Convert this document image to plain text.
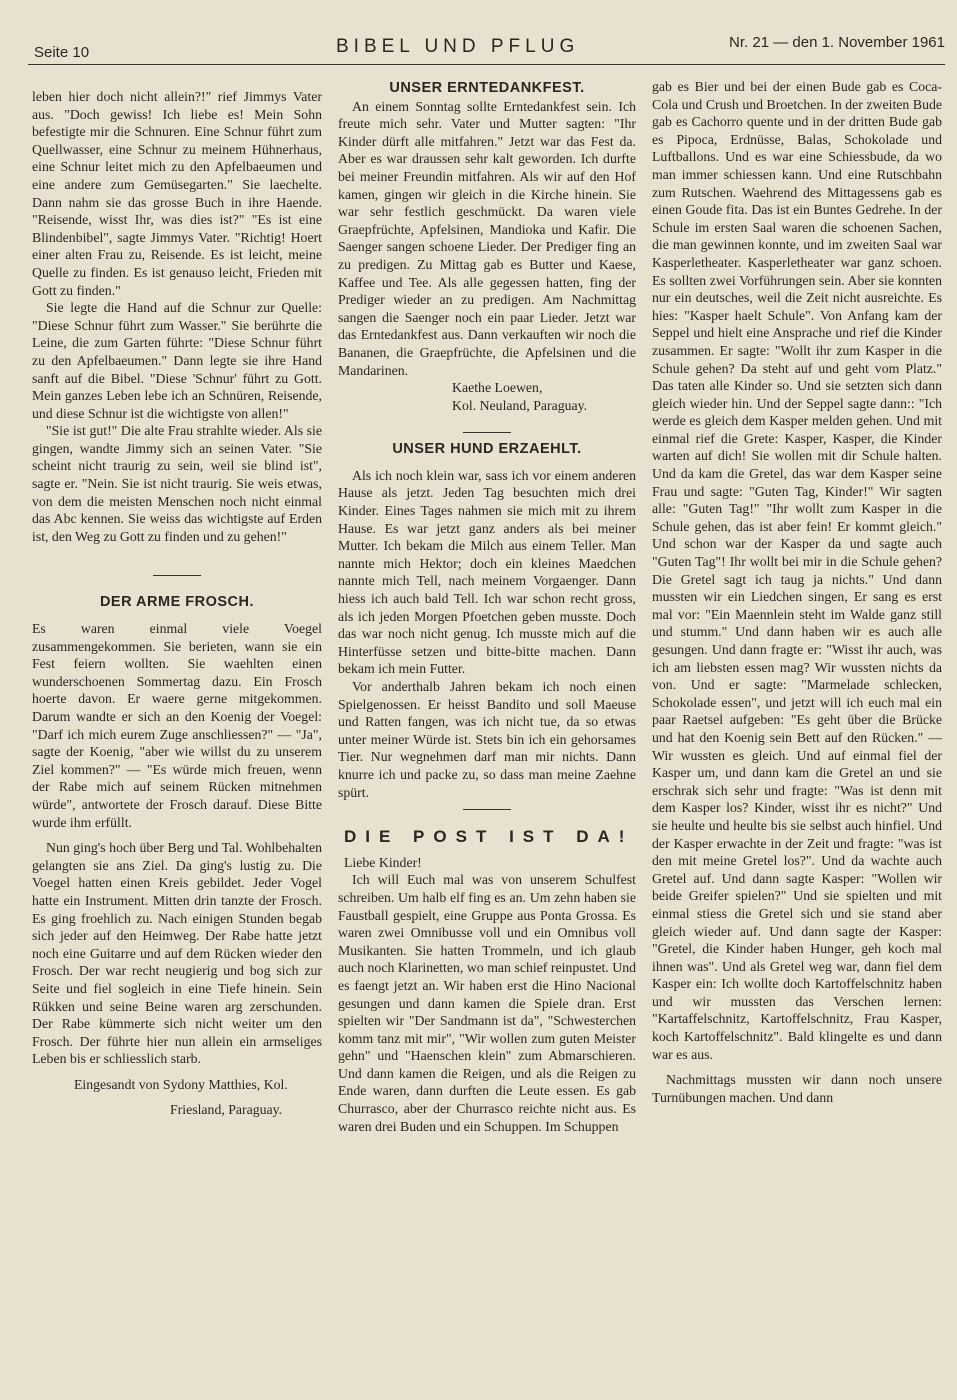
Seite 10	BIBEL UND PFLUG	Nr. 21 — den 1. November 1961

leben hier doch nicht allein?!" rief Jimmys Vater aus. "Doch gewiss! Ich liebe es! Mein Sohn befestigte mir die Schnuren. Eine Schnur führt zum Quellwasser, eine Schnur zu meinem Hühnerhaus, eine Schnur leitet mich zu den Apfelbaeumen und eine andere zum Gemüsegarten." Sie laechelte. Dann nahm sie das grosse Buch in ihre Haende. "Reisende, wisst Ihr, was dies ist?" "Es ist eine Blindenbibel", sagte Jimmys Vater. "Richtig! Hoert einer alten Frau zu, Reisende. Es ist leicht, meine Quelle zu finden. Es ist genauso leicht, Frieden mit Gott zu finden."

Sie legte die Hand auf die Schnur zur Quelle: "Diese Schnur führt zum Wasser." Sie berührte die Leine, die zum Garten führte: "Diese Schnur führt zu den Apfelbaeumen." Dann legte sie ihre Hand sanft auf die Bibel. "Diese 'Schnur' führt zu Gott. Mein ganzes Leben lebe ich an Schnüren, Reisende, und diese Schnur ist die wichtigste von allen!"

"Sie ist gut!" Die alte Frau strahlte wieder. Als sie gingen, wandte Jimmy sich an seinen Vater. "Sie scheint nicht traurig zu sein, weil sie blind ist", sagte er. "Nein. Sie ist nicht traurig. Sie weis etwas, von dem die meisten Menschen noch nicht einmal das Abc kennen. Sie weiss das wichtigste auf Erden ist, den Weg zu Gott zu finden und zu gehen!"

DER ARME FROSCH.

Es waren einmal viele Voegel zusammengekommen. Sie berieten, wann sie ein Fest feiern wollten. Sie waehlten einen wunderschoenen Sommertag dazu. Ein Frosch hoerte davon. Er waere gerne mitgekommen. Darum wandte er sich an den Koenig der Voegel: "Darf ich mich eurem Zuge anschliessen?" — "Ja", sagte der Koenig, "aber wie willst du zu unserem Ziel kommen?" — "Es würde mich freuen, wenn der Rabe mich auf seinem Rücken mitnehmen würde", antwortete der Frosch darauf. Diese Bitte wurde ihm erfüllt.

Nun ging's hoch über Berg und Tal. Wohlbehalten gelangten sie ans Ziel. Da ging's lustig zu. Die Voegel hatten einen Kreis gebildet. Jeder Vogel hatte ein Instrument. Mitten drin tanzte der Frosch. Es ging froehlich zu. Nach einigen Stunden begab sich jeder auf den Heimweg. Der Rabe hatte jetzt noch eine Guitarre und auf dem Rücken wieder den Frosch. Der war recht neugierig und bog sich zur Seite und fiel sogleich in eine Tiefe hinein. Sein Rükken und seine Beine waren arg zerschunden. Der Rabe kümmerte sich nicht weiter um den Frosch. Der führte hier nun allein ein armseliges Leben bis er schliesslich starb.

Eingesandt von Sydony Matthies, Kol.

Friesland, Paraguay.

UNSER ERNTEDANKFEST.

An einem Sonntag sollte Erntedankfest sein. Ich freute mich sehr. Vater und Mutter sagten: "Ihr Kinder dürft alle mitfahren." Jetzt war das Fest da. Aber es war draussen sehr kalt geworden. Ich durfte bei meiner Freundin mitfahren. Als wir auf den Hof kamen, gingen wir gleich in die Kirche hinein. Sie war sehr festlich geschmückt. Da waren viele Graepfrüchte, Apfelsinen, Mandioka und Kafir. Die Saenger sangen schoene Lieder. Der Prediger fing an zu predigen. Zu Mittag gab es Butter und Kaese, Kaffee und Tee. Als alle gegessen hatten, fing der Prediger wieder an zu predigen. Am Nachmittag sangen die Saenger noch ein paar Lieder. Jetzt war das Erntedankfest aus. Dann verkauften wir noch die Bananen, die Graepfrüchte, die Apfelsinen und die Mandarinen.

Kaethe Loewen,

Kol. Neuland, Paraguay.

UNSER HUND ERZAEHLT.

Als ich noch klein war, sass ich vor einem anderen Hause als jetzt. Jeden Tag besuchten mich drei Kinder. Eines Tages nahmen sie mich mit zu ihrem Hause. Es war jetzt ganz anders als bei meiner Mutter. Ich bekam die Milch aus einem Teller. Man nannte mich Hektor; doch ein kleines Maedchen nannte mich Tell, nach meinem Vorgaenger. Dann hiess ich auch bald Tell. Ich war schon recht gross, als ich jeden Morgen Pfoetchen geben musste. Doch das war noch nicht genug. Ich musste mich auf die Hinterfüsse setzen und bitte-bitte machen. Dann bekam ich mein Futter.

Vor anderthalb Jahren bekam ich noch einen Spielgenossen. Er heisst Bandito und soll Maeuse und Ratten fangen, was ich nicht tue, da so etwas unter meiner Würde ist. Stets bin ich ein gehorsames Tier. Nur wegnehmen darf man mir nichts. Dann knurre ich und packe zu, so dass man meine Zaehne spürt.

DIE POST IST DA!

Liebe Kinder!

Ich will Euch mal was von unserem Schulfest schreiben. Um halb elf fing es an. Um zehn haben sie Faustball gespielt, eine Gruppe aus Ponta Grossa. Es waren zwei Omnibusse voll und ein Omnibus voll Musikanten. Sie hatten Trommeln, und ich glaub auch noch Klarinetten, wo man schief reinpustet. Und es faengt jetzt an. Wir haben erst die Hino Nacional gesungen und dann kamen die Spiele dran. Erst spielten wir "Der Sandmann ist da", "Schwesterchen komm tanz mit mir", "Wir wollen zum guten Meister gehn" und "Haenschen klein" zum Abmarschieren. Und dann kamen die Reigen, und als die Reigen zu Ende waren, dann durften die Leute essen. Es gab Churrasco, aber der Churrasco reichte nicht aus. Es waren drei Buden und ein Schuppen. Im Schuppen

gab es Bier und bei der einen Bude gab es Coca-Cola und Crush und Broetchen. In der zweiten Bude gab es Cachorro quente und in der dritten Bude gab es Pipoca, Erdnüsse, Balas, Schokolade und Luftballons. Und es war eine Schiessbude, da wo man immer schiessen kann. Und eine Rutschbahn zum Rutschen. Waehrend des Mittagessens gab es einen Goude fita. Das ist ein Buntes Gedrehe. In der Schule im ersten Saal waren die schoenen Sachen, die man gewinnen konnte, und im zweiten Saal war Kasperletheater. Kasperletheater war ganz schoen. Es sollten zwei Vorführungen sein. Aber sie konnten nur ein deutsches, weil die Zeit nicht ausreichte. Es hies: "Kasper haelt Schule". Von Anfang kam der Seppel und hielt eine Ansprache und rief die Kinder zusammen. Er sagte: "Wollt ihr zum Kasper in die Schule gehen? Da steht auf und geht vom Platz." Das taten alle Kinder so. Und sie setzten sich dann gleich wieder hin. Und der Seppel sagte dann:: "Ich werde es gleich dem Kasper melden gehen. Und mit einmal rief die Grete: Kasper, Kasper, die Kinder warten auf dich! Sie wollen mit dir Schule halten. Und da kam die Gretel, das war dem Kasper seine Frau und sagte: "Guten Tag, Kinder!" Wir sagten alle: "Guten Tag!" "Ihr wollt zum Kasper in die Schule gehen, das ist aber fein! Er kommt gleich." Und schon war der Kasper da und sagte auch "Guten Tag"! Ihr wollt bei mir in die Schule gehen? Die Gretel sagt ich taug ja nichts." Und dann mussten wir ein Liedchen singen, Er sang es erst mal vor: "Ein Maennlein steht im Walde ganz still und stumm." Und dann haben wir es auch alle gesungen. Und dann fragte er: "Wisst ihr auch, was ich am liebsten essen mag? Wir wussten nichts da von. Und er sagte: "Marmelade schlecken, Schokolade essen", und jetzt will ich euch mal ein paar Raetsel aufgeben: "Es geht über die Brücke und hat den Koenig sein Bett auf den Rücken." — Wir wussten es gleich. Und auf einmal fiel der Kasper um, und dann kam die Gretel an und sie erschrak sich sehr und fragte: "Was ist denn mit dem Kasper los? Kinder, wisst ihr es nicht?" Und sie heulte und heulte bis sie selbst auch hinfiel. Und der Kasper erwachte in der Zeit und fragte: "was ist den mit meine Gretel los?". Und da wachte auch Gretel auf. Und dann sagte Kasper: "Wollen wir beide Greifer spielen?" Und sie spielten und mit einmal stiess die Gretel sich und sie stand aber gleich wieder auf. Und dann sagte der Kasper: "Gretel, die Kinder haben Hunger, geh koch mal ihnen was". Und als Gretel weg war, dann fiel dem Kasper ein: Ich wollte doch Kartoffelschnitz haben und wir mussten das Verschen lernen: "Kartaffelschnitz, Kartoffelschnitz, Frau Kasper, koch Kartoffelschnitz". Bald klingelte es und dann war es aus.

Nachmittags mussten wir dann noch unsere Turnübungen machen. Und dann
